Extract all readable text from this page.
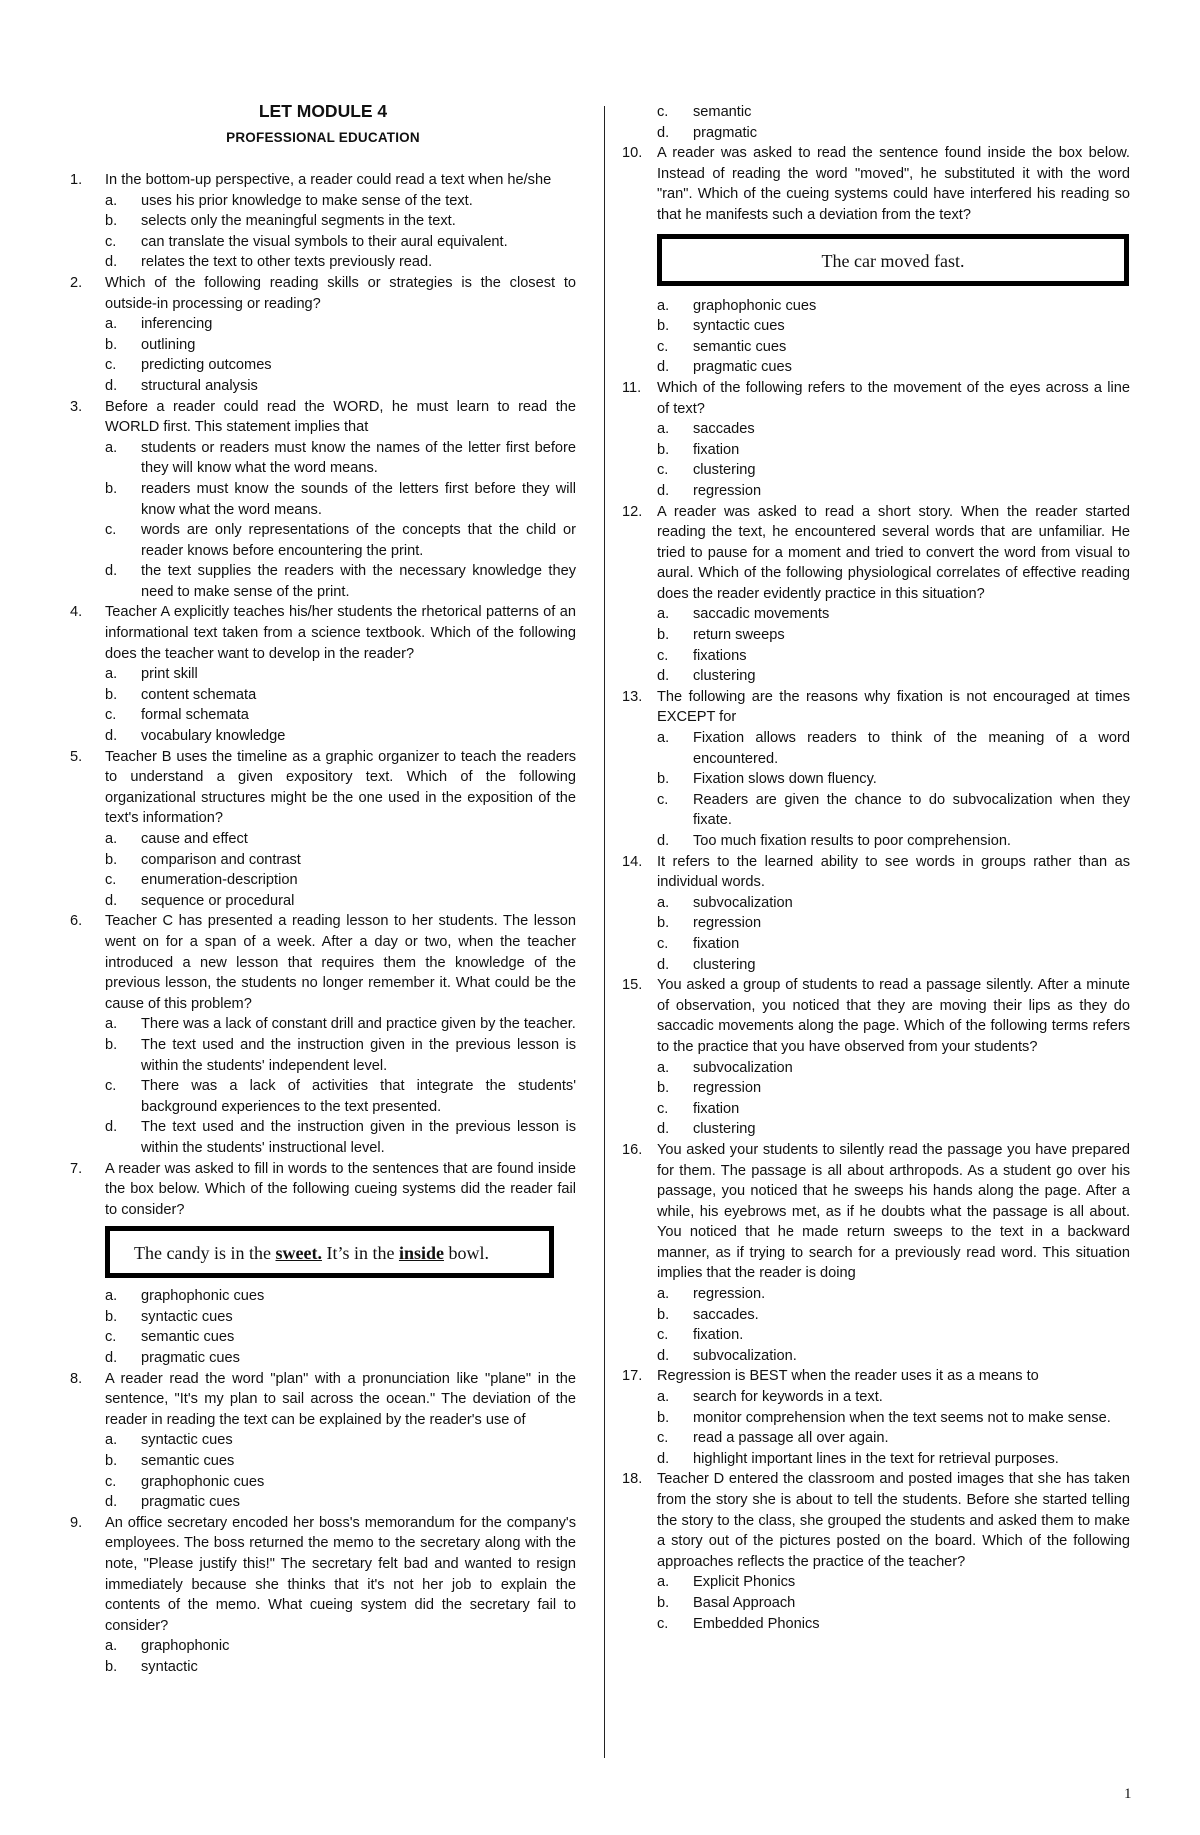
LET MODULE 4
PROFESSIONAL EDUCATION
1. In the bottom-up perspective, a reader could read a text when he/she
a. uses his prior knowledge to make sense of the text.
b. selects only the meaningful segments in the text.
c. can translate the visual symbols to their aural equivalent.
d. relates the text to other texts previously read.
2. Which of the following reading skills or strategies is the closest to outside-in processing or reading?
a. inferencing
b. outlining
c. predicting outcomes
d. structural analysis
3. Before a reader could read the WORD, he must learn to read the WORLD first. This statement implies that
a. students or readers must know the names of the letter first before they will know what the word means.
b. readers must know the sounds of the letters first before they will know what the word means.
c. words are only representations of the concepts that the child or reader knows before encountering the print.
d. the text supplies the readers with the necessary knowledge they need to make sense of the print.
4. Teacher A explicitly teaches his/her students the rhetorical patterns of an informational text taken from a science textbook. Which of the following does the teacher want to develop in the reader?
a. print skill
b. content schemata
c. formal schemata
d. vocabulary knowledge
5. Teacher B uses the timeline as a graphic organizer to teach the readers to understand a given expository text. Which of the following organizational structures might be the one used in the exposition of the text's information?
a. cause and effect
b. comparison and contrast
c. enumeration-description
d. sequence or procedural
6. Teacher C has presented a reading lesson to her students. The lesson went on for a span of a week. After a day or two, when the teacher introduced a new lesson that requires them the knowledge of the previous lesson, the students no longer remember it. What could be the cause of this problem?
a. There was a lack of constant drill and practice given by the teacher.
b. The text used and the instruction given in the previous lesson is within the students' independent level.
c. There was a lack of activities that integrate the students' background experiences to the text presented.
d. The text used and the instruction given in the previous lesson is within the students' instructional level.
7. A reader was asked to fill in words to the sentences that are found inside the box below. Which of the following cueing systems did the reader fail to consider?
The candy is in the sweet. It’s in the inside bowl.
a. graphophonic cues
b. syntactic cues
c. semantic cues
d. pragmatic cues
8. A reader read the word "plan" with a pronunciation like "plane" in the sentence, "It's my plan to sail across the ocean." The deviation of the reader in reading the text can be explained by the reader's use of
a. syntactic cues
b. semantic cues
c. graphophonic cues
d. pragmatic cues
9. An office secretary encoded her boss's memorandum for the company's employees. The boss returned the memo to the secretary along with the note, "Please justify this!" The secretary felt bad and wanted to resign immediately because she thinks that it's not her job to explain the contents of the memo. What cueing system did the secretary fail to consider?
a. graphophonic
b. syntactic
c. semantic
d. pragmatic
10. A reader was asked to read the sentence found inside the box below. Instead of reading the word "moved", he substituted it with the word "ran". Which of the cueing systems could have interfered his reading so that he manifests such a deviation from the text?
The car moved fast.
a. graphophonic cues
b. syntactic cues
c. semantic cues
d. pragmatic cues
11. Which of the following refers to the movement of the eyes across a line of text?
a. saccades
b. fixation
c. clustering
d. regression
12. A reader was asked to read a short story. When the reader started reading the text, he encountered several words that are unfamiliar. He tried to pause for a moment and tried to convert the word from visual to aural. Which of the following physiological correlates of effective reading does the reader evidently practice in this situation?
a. saccadic movements
b. return sweeps
c. fixations
d. clustering
13. The following are the reasons why fixation is not encouraged at times EXCEPT for
a. Fixation allows readers to think of the meaning of a word encountered.
b. Fixation slows down fluency.
c. Readers are given the chance to do subvocalization when they fixate.
d. Too much fixation results to poor comprehension.
14. It refers to the learned ability to see words in groups rather than as individual words.
a. subvocalization
b. regression
c. fixation
d. clustering
15. You asked a group of students to read a passage silently. After a minute of observation, you noticed that they are moving their lips as they do saccadic movements along the page. Which of the following terms refers to the practice that you have observed from your students?
a. subvocalization
b. regression
c. fixation
d. clustering
16. You asked your students to silently read the passage you have prepared for them. The passage is all about arthropods. As a student go over his passage, you noticed that he sweeps his hands along the page. After a while, his eyebrows met, as if he doubts what the passage is all about. You noticed that he made return sweeps to the text in a backward manner, as if trying to search for a previously read word. This situation implies that the reader is doing
a. regression.
b. saccades.
c. fixation.
d. subvocalization.
17. Regression is BEST when the reader uses it as a means to
a. search for keywords in a text.
b. monitor comprehension when the text seems not to make sense.
c. read a passage all over again.
d. highlight important lines in the text for retrieval purposes.
18. Teacher D entered the classroom and posted images that she has taken from the story she is about to tell the students. Before she started telling the story to the class, she grouped the students and asked them to make a story out of the pictures posted on the board. Which of the following approaches reflects the practice of the teacher?
a. Explicit Phonics
b. Basal Approach
c. Embedded Phonics
1
